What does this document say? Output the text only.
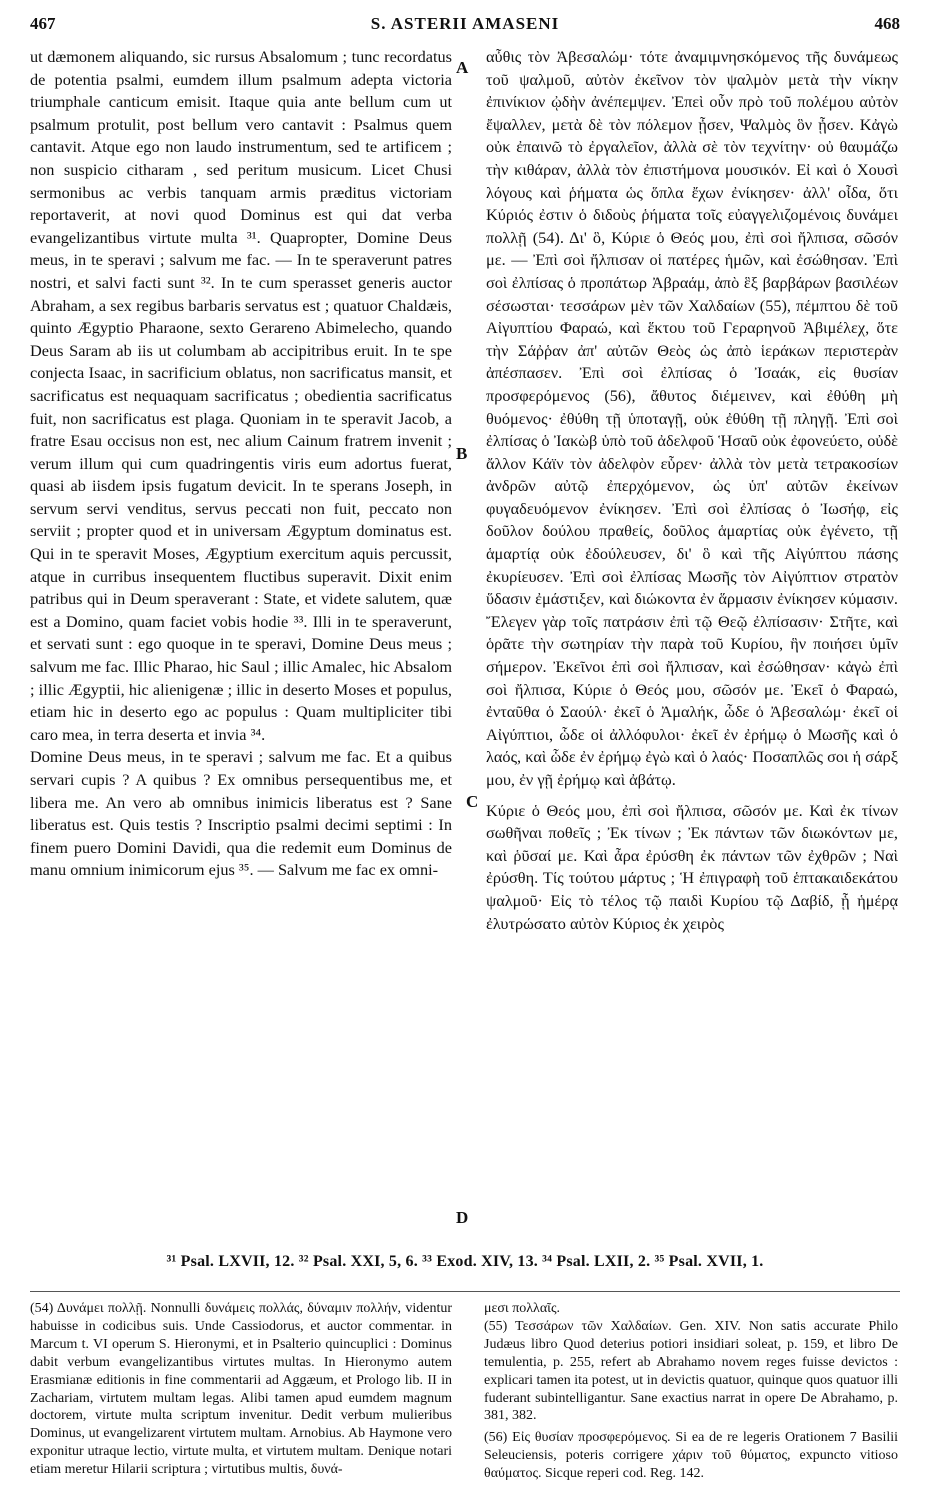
467	S. ASTERII AMASENI	468

ut dæmonem aliquando, sic rursus Absalomum ; tunc recordatus de potentia psalmi, eumdem illum psalmum adepta victoria triumphale canticum emisit. Itaque quia ante bellum cum ut psalmum protulit, post bellum vero cantavit : Psalmus quem cantavit. Atque ego non laudo instrumentum, sed te artificem ; non suspicio citharam , sed peritum musicum. Licet Chusi sermonibus ac verbis tanquam armis præditus victoriam reportaverit, at novi quod Dominus est qui dat verba evangelizantibus virtute multa ³¹. Quapropter, Domine Deus meus, in te speravi ; salvum me fac. — In te speraverunt patres nostri, et salvi facti sunt ³². In te cum sperasset generis auctor Abraham, a sex regibus barbaris servatus est ; quatuor Chaldæis, quinto Ægyptio Pharaone, sexto Gerareno Abimelecho, quando Deus Saram ab iis ut columbam ab accipitribus eruit. In te spe conjecta Isaac, in sacrificium oblatus, non sacrificatus mansit, et sacrificatus est nequaquam sacrificatus ; obedientia sacrificatus fuit, non sacrificatus est plaga. Quoniam in te speravit Jacob, a fratre Esau occisus non est, nec alium Cainum fratrem invenit ; verum illum qui cum quadringentis viris eum adortus fuerat, quasi ab iisdem ipsis fugatum devicit. In te sperans Joseph, in servum servi venditus, servus peccati non fuit, peccato non serviit ; propter quod et in universam Ægyptum dominatus est. Qui in te speravit Moses, Ægyptium exercitum aquis percussit, atque in curribus insequentem fluctibus superavit. Dixit enim patribus qui in Deum speraverant : State, et videte salutem, quæ est a Domino, quam faciet vobis hodie ³³. Illi in te speraverunt, et servati sunt : ego quoque in te speravi, Domine Deus meus ; salvum me fac. Illic Pharao, hic Saul ; illic Amalec, hic Absalom ; illic Ægyptii, hic alienigenæ ; illic in deserto Moses et populus, etiam hic in deserto ego ac populus : Quam multipliciter tibi caro mea, in terra deserta et invia ³⁴.

Domine Deus meus, in te speravi ; salvum me fac. Et a quibus servari cupis ? A quibus ? Ex omnibus persequentibus me, et libera me. An vero ab omnibus inimicis liberatus est ? Sane liberatus est. Quis testis ? Inscriptio psalmi decimi septimi : In finem puero Domini Davidi, qua die redemit eum Dominus de manu omnium inimicorum ejus ³⁵. — Salvum me fac ex omni-

A
B
C
D

αὖθις τὸν Ἀβεσαλώμ· τότε ἀναμιμνησκόμενος τῆς δυνάμεως τοῦ ψαλμοῦ, αὐτὸν ἐκεῖνον τὸν ψαλμὸν μετὰ τὴν νίκην ἐπινίκιον ᾠδὴν ἀνέπεμψεν. Ἐπεὶ οὖν πρὸ τοῦ πολέμου αὐτὸν ἔψαλλεν, μετὰ δὲ τὸν πόλεμον ᾖσεν, Ψαλμὸς ὃν ᾖσεν. Κἀγὼ οὐκ ἐπαινῶ τὸ ἐργαλεῖον, ἀλλὰ σὲ τὸν τεχνίτην· οὐ θαυμάζω τὴν κιθάραν, ἀλλὰ τὸν ἐπιστήμονα μουσικόν. Εἰ καὶ ὁ Χουσὶ λόγους καὶ ῥήματα ὡς ὅπλα ἔχων ἐνίκησεν· ἀλλ' οἶδα, ὅτι Κύριός ἐστιν ὁ διδοὺς ῥήματα τοῖς εὐαγγελιζομένοις δυνάμει πολλῇ (54). Δι' ὃ, Κύριε ὁ Θεός μου, ἐπὶ σοὶ ἤλπισα, σῶσόν με. — Ἐπὶ σοὶ ἤλπισαν οἱ πατέρες ἡμῶν, καὶ ἐσώθησαν. Ἐπὶ σοὶ ἐλπίσας ὁ προπάτωρ Ἀβραάμ, ἀπὸ ἓξ βαρβάρων βασιλέων σέσωσται· τεσσάρων μὲν τῶν Χαλδαίων (55), πέμπτου δὲ τοῦ Αἰγυπτίου Φαραώ, καὶ ἕκτου τοῦ Γεραρηνοῦ Ἀβιμέλεχ, ὅτε τὴν Σάῤῥαν ἀπ' αὐτῶν Θεὸς ὡς ἀπὸ ἱεράκων περιστερὰν ἀπέσπασεν. Ἐπὶ σοὶ ἐλπίσας ὁ Ἰσαάκ, εἰς θυσίαν προσφερόμενος (56), ἄθυτος διέμεινεν, καὶ ἐθύθη μὴ θυόμενος· ἐθύθη τῇ ὑποταγῇ, οὐκ ἐθύθη τῇ πληγῇ. Ἐπὶ σοὶ ἐλπίσας ὁ Ἰακὼβ ὑπὸ τοῦ ἀδελφοῦ Ἡσαῦ οὐκ ἐφονεύετο, οὐδὲ ἄλλον Κάϊν τὸν ἀδελφὸν εὗρεν· ἀλλὰ τὸν μετὰ τετρακοσίων ἀνδρῶν αὐτῷ ἐπερχόμενον, ὡς ὑπ' αὐτῶν ἐκείνων φυγαδευόμενον ἐνίκησεν. Ἐπὶ σοὶ ἐλπίσας ὁ Ἰωσήφ, εἰς δοῦλον δούλου πραθείς, δοῦλος ἁμαρτίας οὐκ ἐγένετο, τῇ ἁμαρτίᾳ οὐκ ἐδούλευσεν, δι' ὃ καὶ τῆς Αἰγύπτου πάσης ἐκυρίευσεν. Ἐπὶ σοὶ ἐλπίσας Μωσῆς τὸν Αἰγύπτιον στρατὸν ὕδασιν ἐμάστιξεν, καὶ διώκοντα ἐν ἅρμασιν ἐνίκησεν κύμασιν. Ἔλεγεν γὰρ τοῖς πατράσιν ἐπὶ τῷ Θεῷ ἐλπίσασιν· Στῆτε, καὶ ὁρᾶτε τὴν σωτηρίαν τὴν παρὰ τοῦ Κυρίου, ἣν ποιήσει ὑμῖν σήμερον. Ἐκεῖνοι ἐπὶ σοὶ ἤλπισαν, καὶ ἐσώθησαν· κἀγὼ ἐπὶ σοὶ ἤλπισα, Κύριε ὁ Θεός μου, σῶσόν με. Ἐκεῖ ὁ Φαραώ, ἐνταῦθα ὁ Σαούλ· ἐκεῖ ὁ Ἀμαλήκ, ὧδε ὁ Ἀβεσαλώμ· ἐκεῖ οἱ Αἰγύπτιοι, ὧδε οἱ ἀλλόφυλοι· ἐκεῖ ἐν ἐρήμῳ ὁ Μωσῆς καὶ ὁ λαός, καὶ ὧδε ἐν ἐρήμῳ ἐγὼ καὶ ὁ λαός· Ποσαπλῶς σοι ἡ σάρξ μου, ἐν γῇ ἐρήμῳ καὶ ἀβάτῳ.

Κύριε ὁ Θεός μου, ἐπὶ σοὶ ἤλπισα, σῶσόν με. Καὶ ἐκ τίνων σωθῆναι ποθεῖς ; Ἐκ τίνων ; Ἐκ πάντων τῶν διωκόντων με, καὶ ῥῦσαί με. Καὶ ἆρα ἐρύσθη ἐκ πάντων τῶν ἐχθρῶν ; Ναὶ ἐρύσθη. Τίς τούτου μάρτυς ; Ἡ ἐπιγραφὴ τοῦ ἑπτακαιδεκάτου ψαλμοῦ· Εἰς τὸ τέλος τῷ παιδὶ Κυρίου τῷ Δαβίδ, ᾗ ἡμέρᾳ ἐλυτρώσατο αὐτὸν Κύριος ἐκ χειρὸς

³¹ Psal. LXVII, 12. ³² Psal. XXI, 5, 6. ³³ Exod. XIV, 13. ³⁴ Psal. LXII, 2. ³⁵ Psal. XVII, 1.

(54) Δυνάμει πολλῇ. Nonnulli δυνάμεις πολλάς, δύναμιν πολλήν, videntur habuisse in codicibus suis. Unde Cassiodorus, et auctor commentar. in Marcum t. VI operum S. Hieronymi, et in Psalterio quincuplici : Dominus dabit verbum evangelizantibus virtutes multas. In Hieronymo autem Erasmianæ editionis in fine commentarii ad Aggæum, et Prologo lib. II in Zachariam, virtutem multam legas. Alibi tamen apud eumdem magnum doctorem, virtute multa scriptum invenitur. Dedit verbum mulieribus Dominus, ut evangelizarent virtutem multam. Arnobius. Ab Haymone vero exponitur utraque lectio, virtute multa, et virtutem multam. Denique notari etiam meretur Hilarii scriptura ; virtutibus multis, δυνά-

μεσι πολλαῖς.

(55) Τεσσάρων τῶν Χαλδαίων. Gen. XIV. Non satis accurate Philo Judæus libro Quod deterius potiori insidiari soleat, p. 159, et libro De temulentia, p. 255, refert ab Abrahamo novem reges fuisse devictos : explicari tamen ita potest, ut in devictis quatuor, quinque quos quatuor illi fuderant subintelligantur. Sane exactius narrat in opere De Abrahamo, p. 381, 382.

(56) Εἰς θυσίαν προσφερόμενος. Si ea de re legeris Orationem 7 Basilii Seleuciensis, poteris corrigere χάριν τοῦ θύματος, expuncto vitioso θαύματος. Sicque reperi cod. Reg. 142.
